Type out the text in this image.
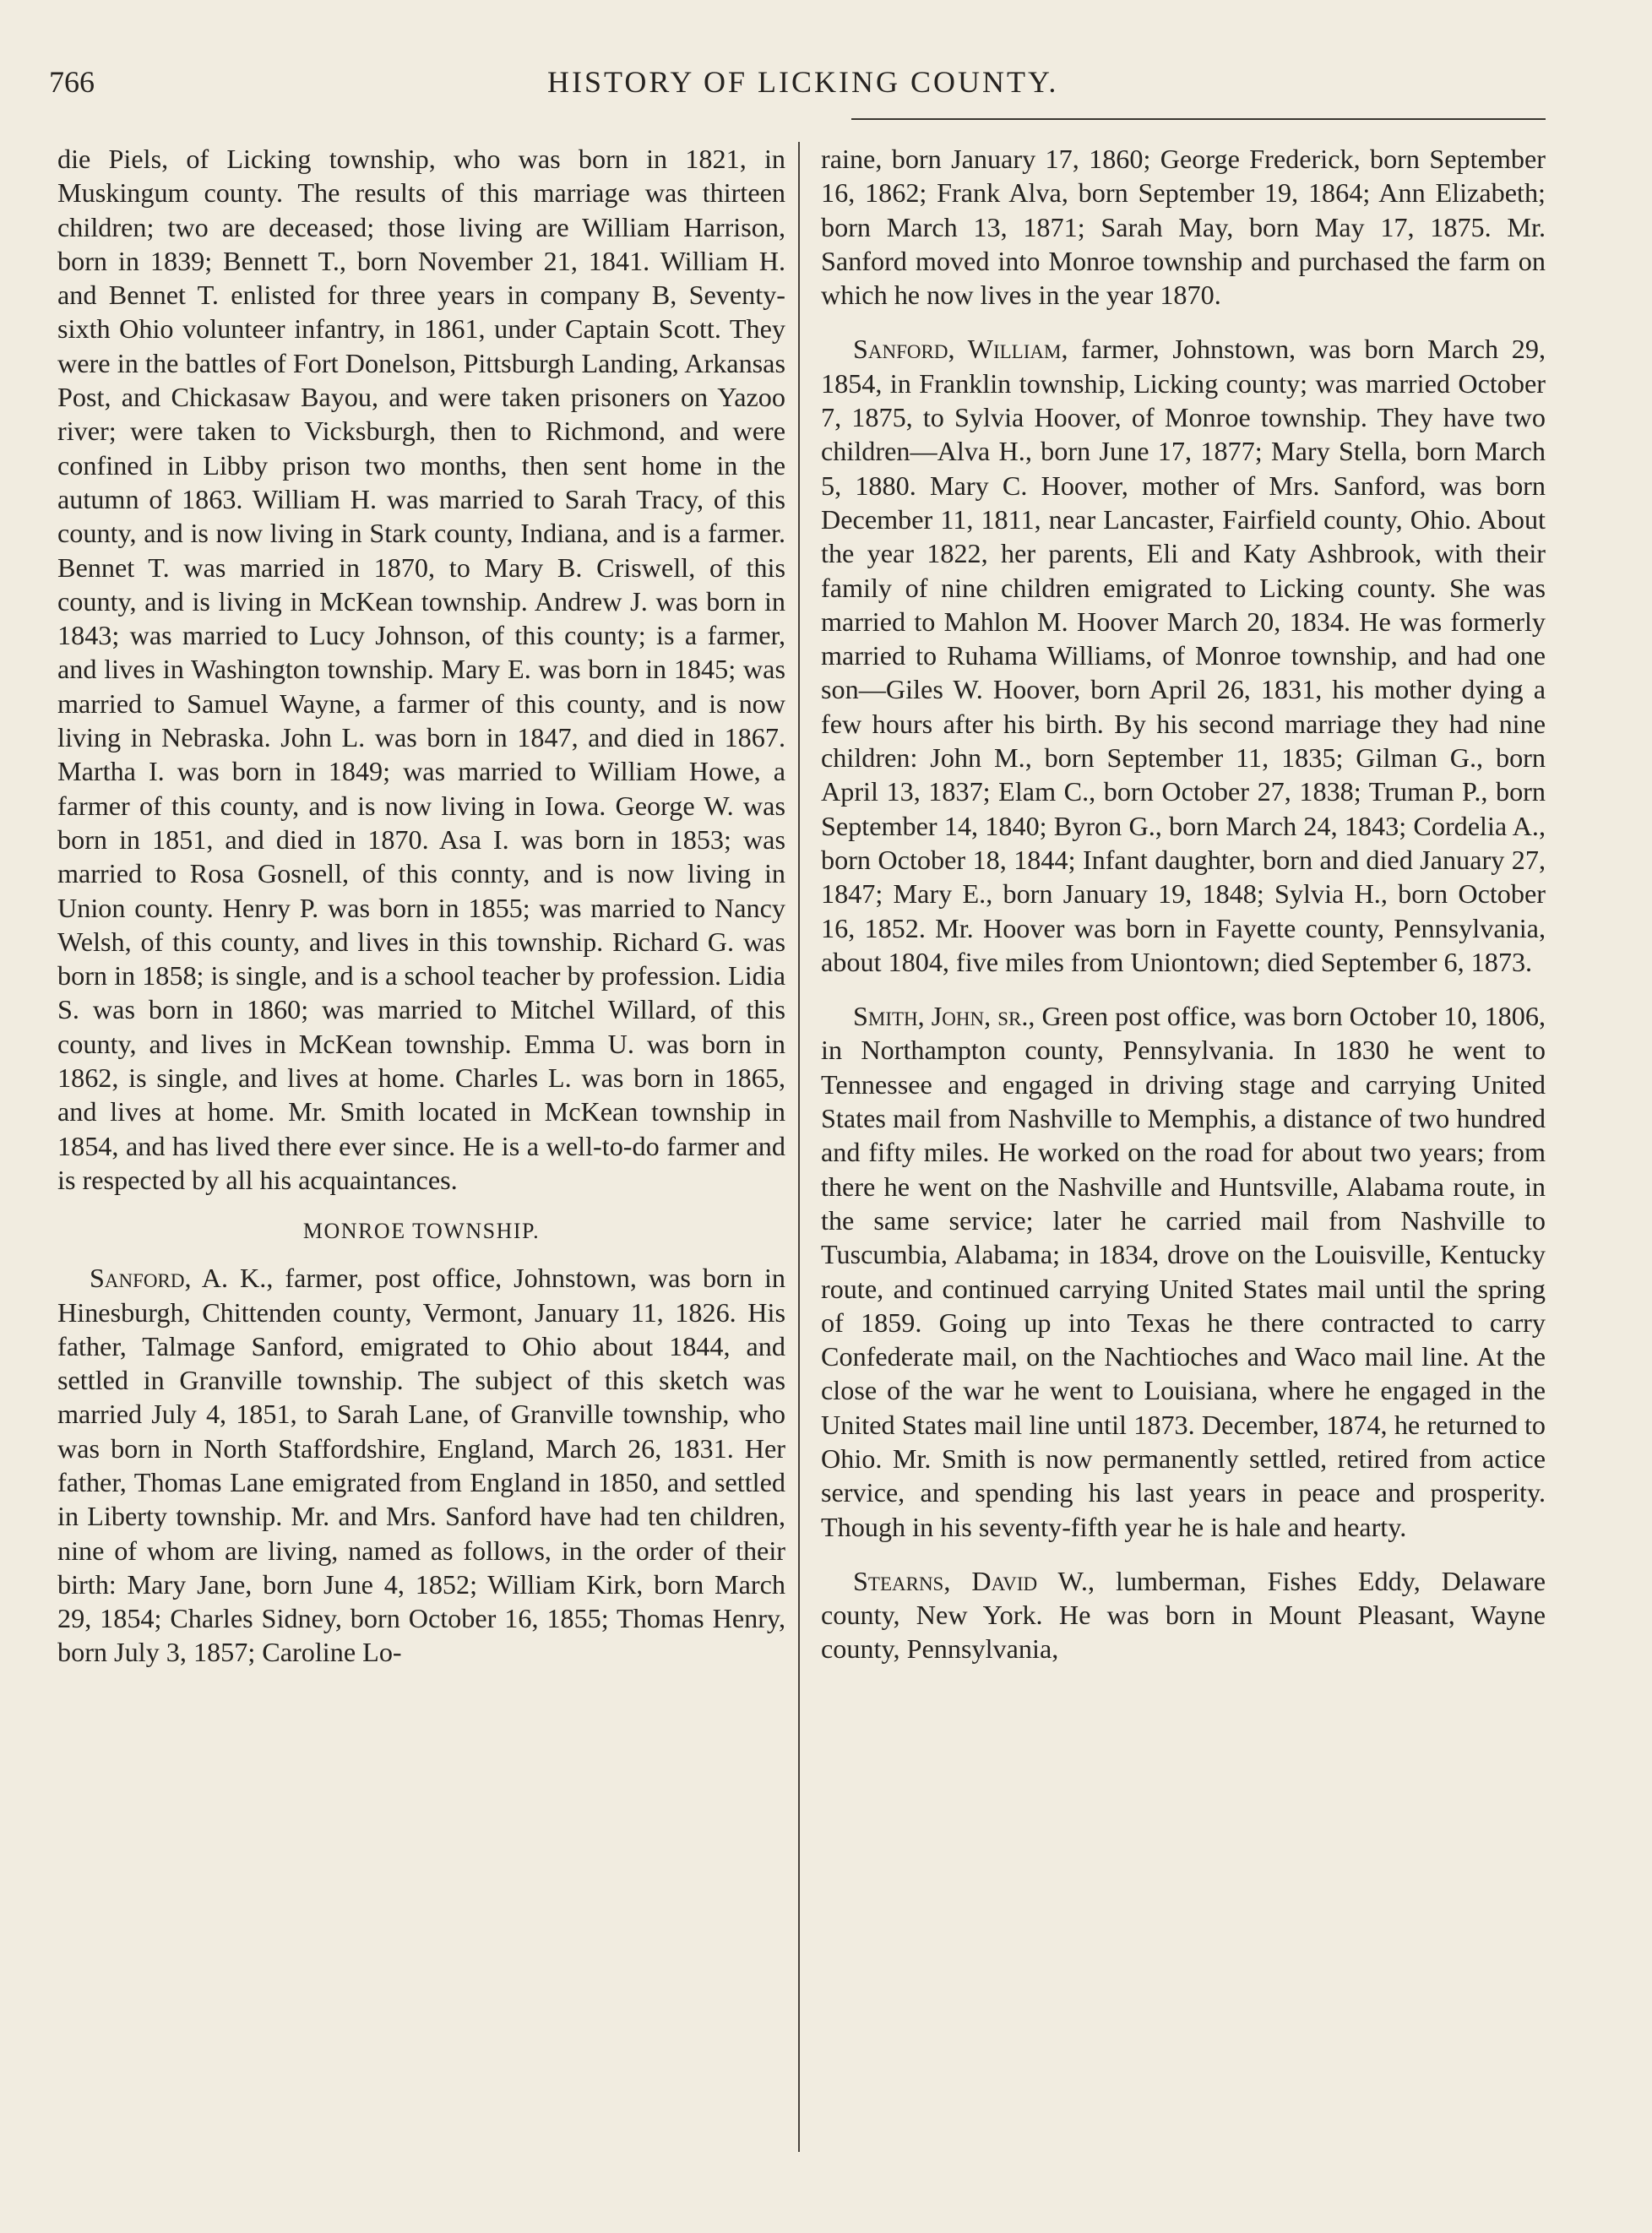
766	HISTORY OF LICKING COUNTY.

die Piels, of Licking township, who was born in 1821, in Muskingum county. The results of this marriage was thirteen children; two are deceased; those living are William Harrison, born in 1839; Bennett T., born November 21, 1841. William H. and Bennet T. enlisted for three years in company B, Seventy-sixth Ohio volunteer infantry, in 1861, under Captain Scott. They were in the battles of Fort Donelson, Pittsburgh Landing, Arkansas Post, and Chickasaw Bayou, and were taken prisoners on Yazoo river; were taken to Vicksburgh, then to Richmond, and were confined in Libby prison two months, then sent home in the autumn of 1863. William H. was married to Sarah Tracy, of this county, and is now living in Stark county, Indiana, and is a farmer. Bennet T. was married in 1870, to Mary B. Criswell, of this county, and is living in McKean township. Andrew J. was born in 1843; was married to Lucy Johnson, of this county; is a farmer, and lives in Washington township. Mary E. was born in 1845; was married to Samuel Wayne, a farmer of this county, and is now living in Nebraska. John L. was born in 1847, and died in 1867. Martha I. was born in 1849; was married to William Howe, a farmer of this county, and is now living in Iowa. George W. was born in 1851, and died in 1870. Asa I. was born in 1853; was married to Rosa Gosnell, of this connty, and is now living in Union county. Henry P. was born in 1855; was married to Nancy Welsh, of this county, and lives in this township. Richard G. was born in 1858; is single, and is a school teacher by profession. Lidia S. was born in 1860; was married to Mitchel Willard, of this county, and lives in McKean township. Emma U. was born in 1862, is single, and lives at home. Charles L. was born in 1865, and lives at home. Mr. Smith located in McKean township in 1854, and has lived there ever since. He is a well-to-do farmer and is respected by all his acquaintances.

MONROE TOWNSHIP.

Sanford, A. K., farmer, post office, Johnstown, was born in Hinesburgh, Chittenden county, Vermont, January 11, 1826. His father, Talmage Sanford, emigrated to Ohio about 1844, and settled in Granville township. The subject of this sketch was married July 4, 1851, to Sarah Lane, of Granville township, who was born in North Staffordshire, England, March 26, 1831. Her father, Thomas Lane emigrated from England in 1850, and settled in Liberty township. Mr. and Mrs. Sanford have had ten children, nine of whom are living, named as follows, in the order of their birth: Mary Jane, born June 4, 1852; William Kirk, born March 29, 1854; Charles Sidney, born October 16, 1855; Thomas Henry, born July 3, 1857; Caroline Lo-

raine, born January 17, 1860; George Frederick, born September 16, 1862; Frank Alva, born September 19, 1864; Ann Elizabeth; born March 13, 1871; Sarah May, born May 17, 1875. Mr. Sanford moved into Monroe township and purchased the farm on which he now lives in the year 1870.

Sanford, William, farmer, Johnstown, was born March 29, 1854, in Franklin township, Licking county; was married October 7, 1875, to Sylvia Hoover, of Monroe township. They have two children—Alva H., born June 17, 1877; Mary Stella, born March 5, 1880. Mary C. Hoover, mother of Mrs. Sanford, was born December 11, 1811, near Lancaster, Fairfield county, Ohio. About the year 1822, her parents, Eli and Katy Ashbrook, with their family of nine children emigrated to Licking county. She was married to Mahlon M. Hoover March 20, 1834. He was formerly married to Ruhama Williams, of Monroe township, and had one son—Giles W. Hoover, born April 26, 1831, his mother dying a few hours after his birth. By his second marriage they had nine children: John M., born September 11, 1835; Gilman G., born April 13, 1837; Elam C., born October 27, 1838; Truman P., born September 14, 1840; Byron G., born March 24, 1843; Cordelia A., born October 18, 1844; Infant daughter, born and died January 27, 1847; Mary E., born January 19, 1848; Sylvia H., born October 16, 1852. Mr. Hoover was born in Fayette county, Pennsylvania, about 1804, five miles from Uniontown; died September 6, 1873.

Smith, John, sr., Green post office, was born October 10, 1806, in Northampton county, Pennsylvania. In 1830 he went to Tennessee and engaged in driving stage and carrying United States mail from Nashville to Memphis, a distance of two hundred and fifty miles. He worked on the road for about two years; from there he went on the Nashville and Huntsville, Alabama route, in the same service; later he carried mail from Nashville to Tuscumbia, Alabama; in 1834, drove on the Louisville, Kentucky route, and continued carrying United States mail until the spring of 1859. Going up into Texas he there contracted to carry Confederate mail, on the Nachtioches and Waco mail line. At the close of the war he went to Louisiana, where he engaged in the United States mail line until 1873. December, 1874, he returned to Ohio. Mr. Smith is now permanently settled, retired from actice service, and spending his last years in peace and prosperity. Though in his seventy-fifth year he is hale and hearty.

Stearns, David W., lumberman, Fishes Eddy, Delaware county, New York. He was born in Mount Pleasant, Wayne county, Pennsylvania,
